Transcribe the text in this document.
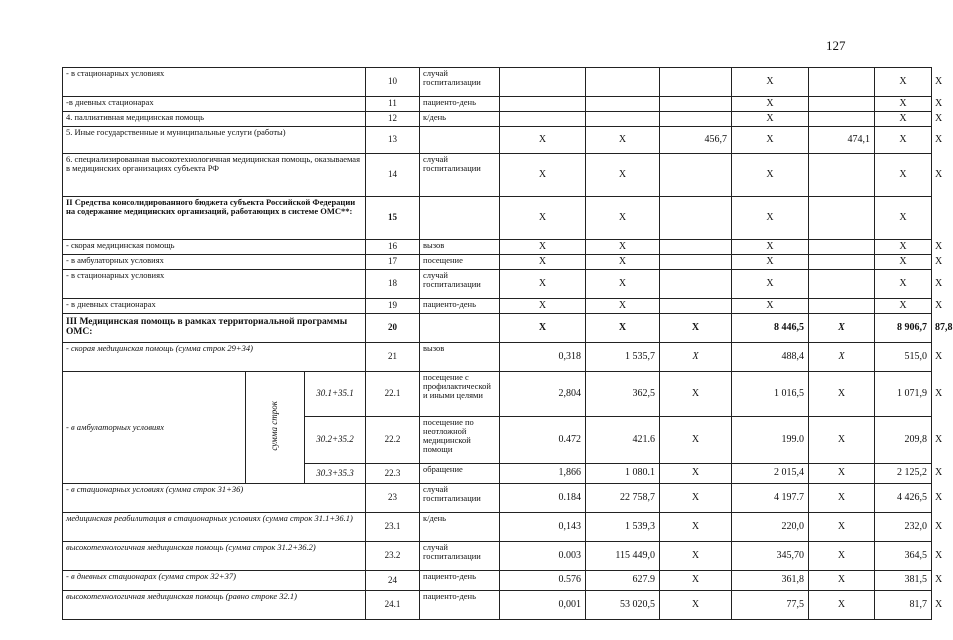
127
- в стационарных условиях			10	случай госпитализации				Х		Х	Х
-в дневных стационарах			11	пациенто-день				Х		Х	Х
4. паллиативная медицинская помощь			12	к/день				Х		Х	Х
5. Иные государственные и муниципальные услуги (работы)			13		Х	Х	456,7	Х	474,1	Х	Х
6. специализированная высокотехнологичная медицинская помощь, оказываемая в медицинских организациях субъекта РФ			14	случай госпитализации	Х	Х		Х		Х	Х
II Средства консолидированного бюджета субъекта Российской Федерации на содержание медицинских организаций, работающих в системе ОМС**:			15		Х	Х		Х		Х	
- скорая медицинская помощь			16	вызов	Х	Х		Х		Х	Х
- в амбулаторных условиях			17	посещение	Х	Х		Х		Х	Х
- в стационарных условиях			18	случай госпитализации	Х	Х		Х		Х	Х
- в дневных стационарах			19	пациенто-день	Х	Х		Х		Х	Х
III Медицинская помощь в рамках территориальной программы ОМС:			20		Х	Х	Х	8 446,5	Х	8 906,7	87,8
- скорая медицинская помощь (сумма строк 29+34)			21	вызов	0,318	1 535,7	Х	488,4	Х	515,0	Х
- в амбулаторных условиях	сумма строк	30.1+35.1	22.1	посещение с профилактической и иными целями	2,804	362,5	Х	1 016,5	Х	1 071,9	Х
		30.2+35.2	22.2	посещение по неотложной медицинской помощи	0.472	421.6	Х	199.0	Х	209,8	Х
		30.3+35.3	22.3	обращение	1,866	1 080.1	Х	2 015,4	Х	2 125,2	Х
- в стационарных условиях (сумма строк 31+36)			23	случай госпитализации	0.184	22 758,7	Х	4 197.7	Х	4 426,5	Х
медицинская реабилитация в стационарных условиях (сумма строк 31.1+36.1)			23.1	к/день	0,143	1 539,3	Х	220,0	Х	232,0	Х
высокотехнологичная медицинская помощь (сумма строк 31.2+36.2)			23.2	случай госпитализации	0.003	115 449,0	Х	345,70	Х	364,5	Х
- в дневных стационарах (сумма строк 32+37)			24	пациенто-день	0.576	627.9	Х	361,8	Х	381,5	Х
высокотехнологичная медицинская помощь (равно строке 32.1)			24.1	пациенто-день	0,001	53 020,5	Х	77,5	Х	81,7	Х
